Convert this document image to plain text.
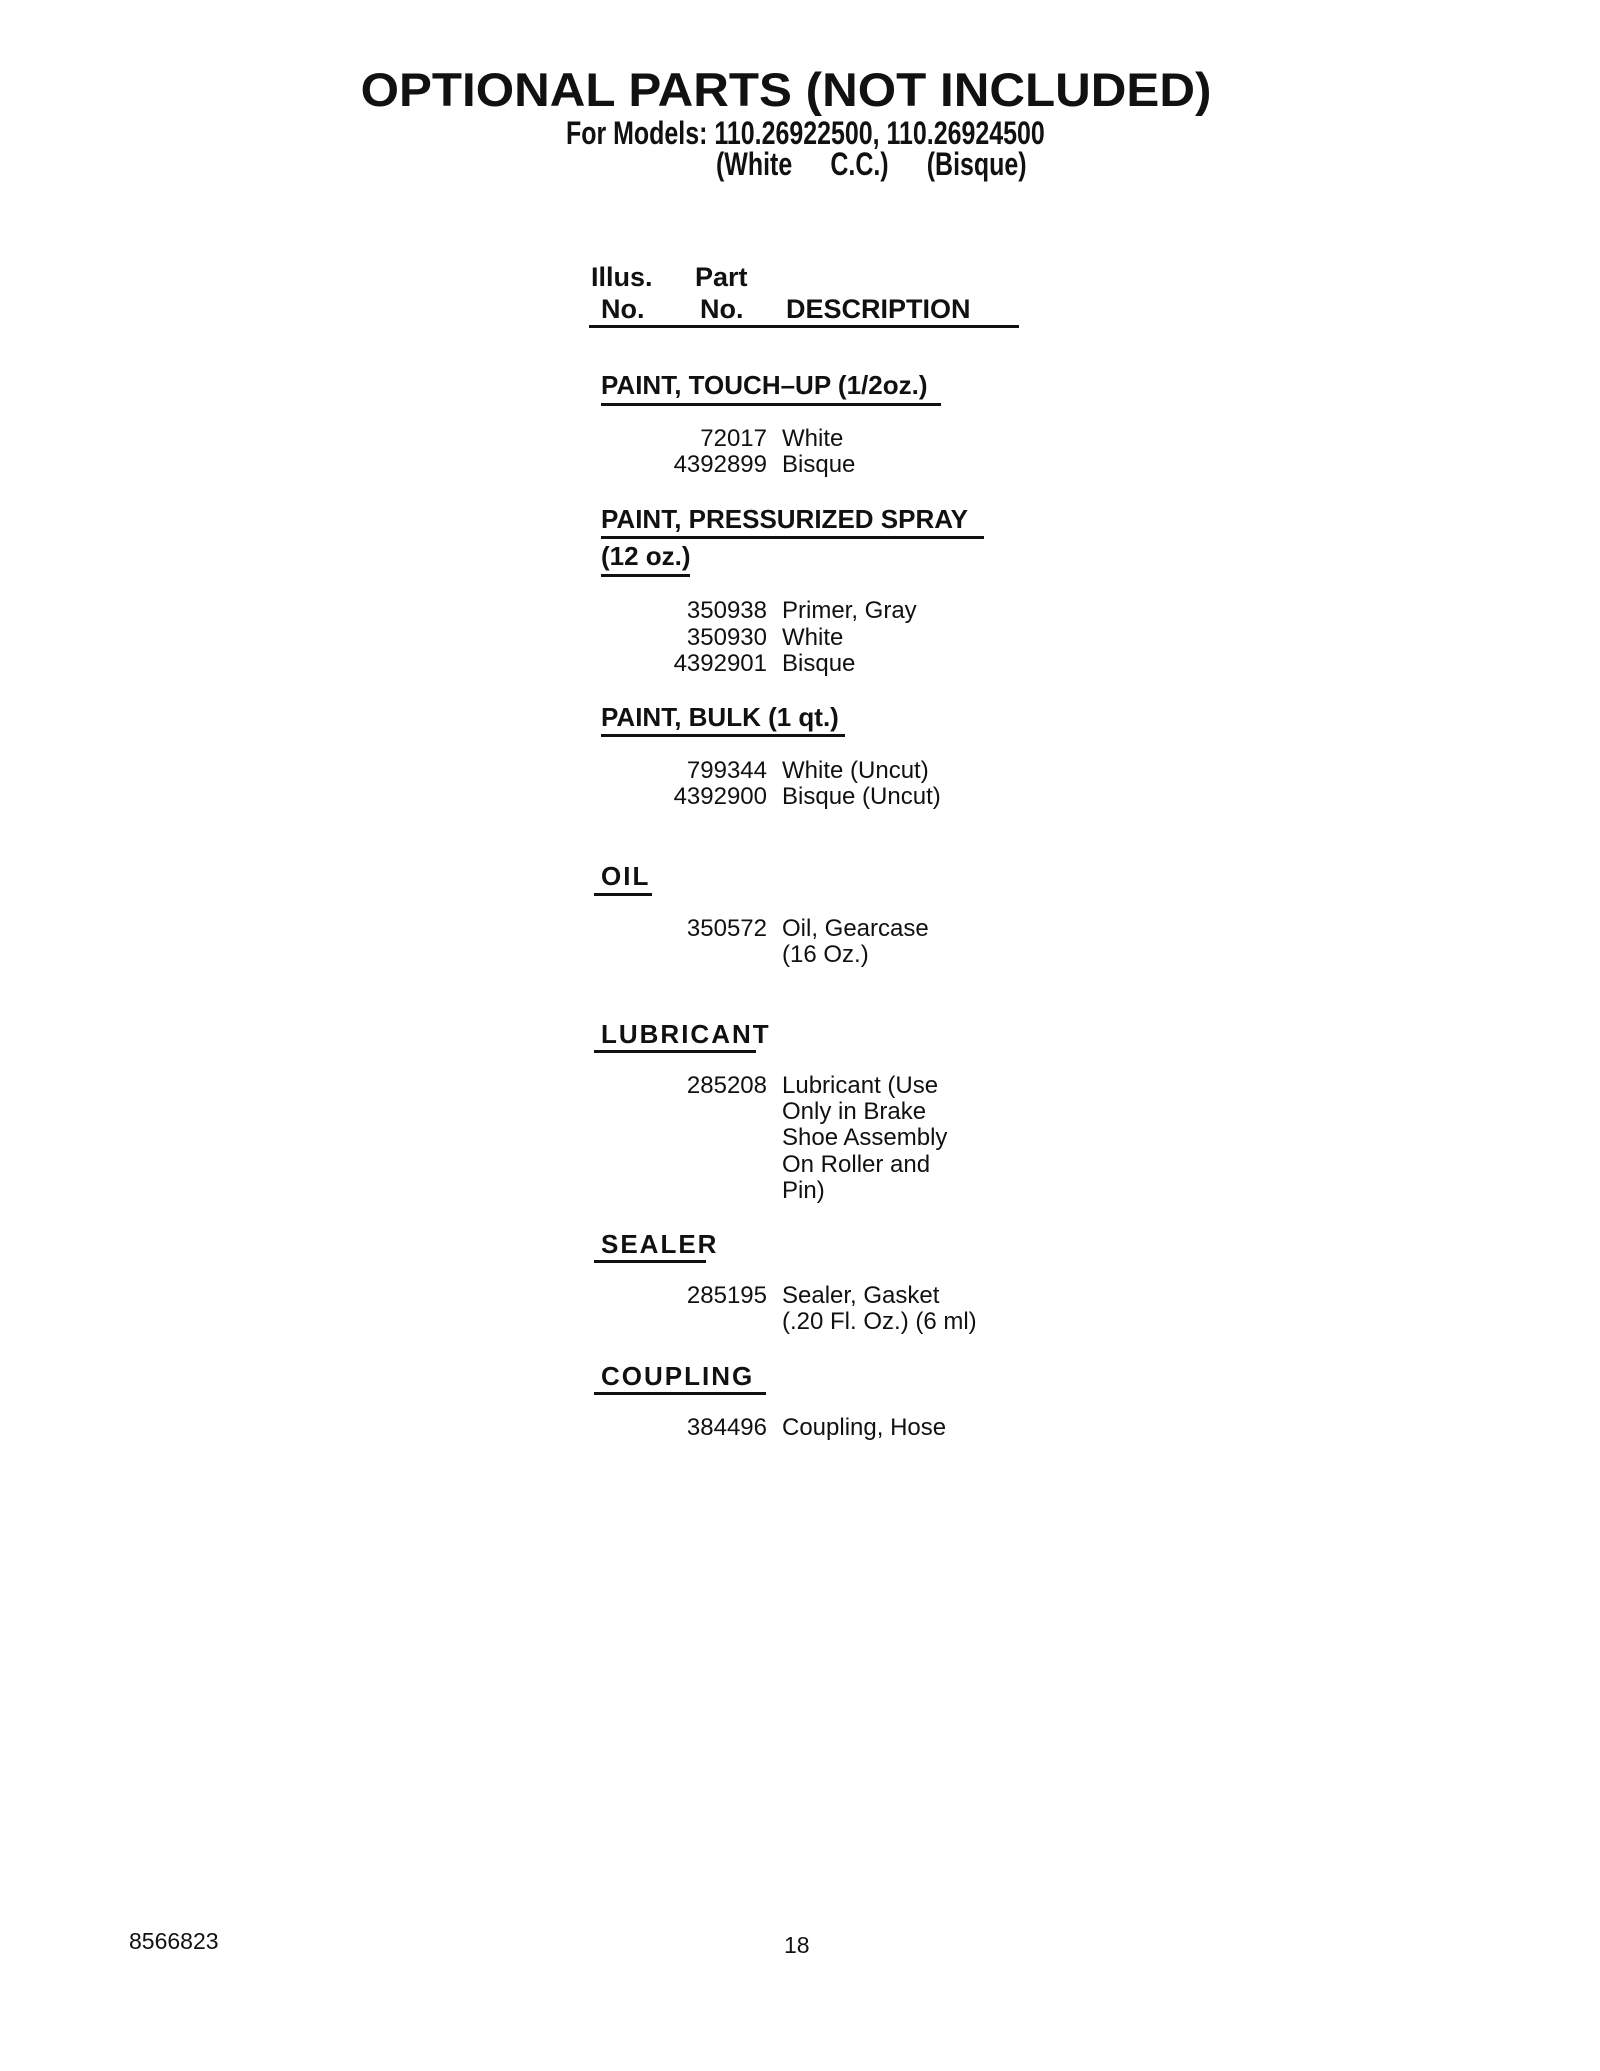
OPTIONAL PARTS (NOT INCLUDED)
For Models: 110.26922500, 110.26924500
(White C.C.) (Bisque)
Illus.
No.
Part
No. DESCRIPTION
PAINT, TOUCH–UP (1/2oz.)
72017 White
4392899 Bisque
PAINT, PRESSURIZED SPRAY
(12 oz.)
350938 Primer, Gray
350930 White
4392901 Bisque
PAINT, BULK (1 qt.)
799344 White (Uncut)
4392900 Bisque (Uncut)
OIL
350572 Oil, Gearcase
(16 Oz.)
LUBRICANT
285208 Lubricant (Use
Only in Brake
Shoe Assembly
On Roller and
Pin)
SEALER
285195 Sealer, Gasket
(.20 Fl. Oz.) (6 ml)
COUPLING
384496 Coupling, Hose
8566823	18
